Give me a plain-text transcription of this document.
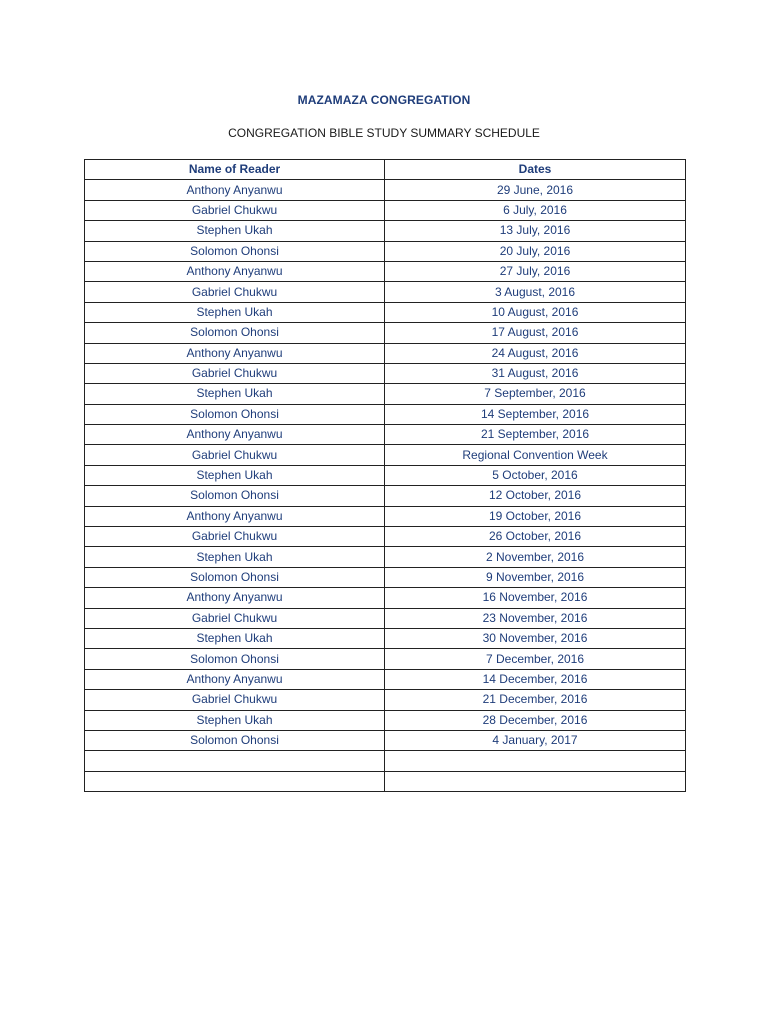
MAZAMAZA CONGREGATION
CONGREGATION BIBLE STUDY SUMMARY SCHEDULE
Name of Reader	Dates
Anthony Anyanwu	29 June, 2016
Gabriel Chukwu	6 July, 2016
Stephen Ukah	13 July, 2016
Solomon Ohonsi	20 July, 2016
Anthony Anyanwu	27 July, 2016
Gabriel Chukwu	3 August, 2016
Stephen Ukah	10 August, 2016
Solomon Ohonsi	17 August, 2016
Anthony Anyanwu	24 August, 2016
Gabriel Chukwu	31 August, 2016
Stephen Ukah	7 September, 2016
Solomon Ohonsi	14 September, 2016
Anthony Anyanwu	21 September, 2016
Gabriel Chukwu	Regional Convention Week
Stephen Ukah	5 October, 2016
Solomon Ohonsi	12 October, 2016
Anthony Anyanwu	19 October, 2016
Gabriel Chukwu	26 October, 2016
Stephen Ukah	2 November, 2016
Solomon Ohonsi	9 November, 2016
Anthony Anyanwu	16 November, 2016
Gabriel Chukwu	23 November, 2016
Stephen Ukah	30 November, 2016
Solomon Ohonsi	7 December, 2016
Anthony Anyanwu	14 December, 2016
Gabriel Chukwu	21 December, 2016
Stephen Ukah	28 December, 2016
Solomon Ohonsi	4 January, 2017
